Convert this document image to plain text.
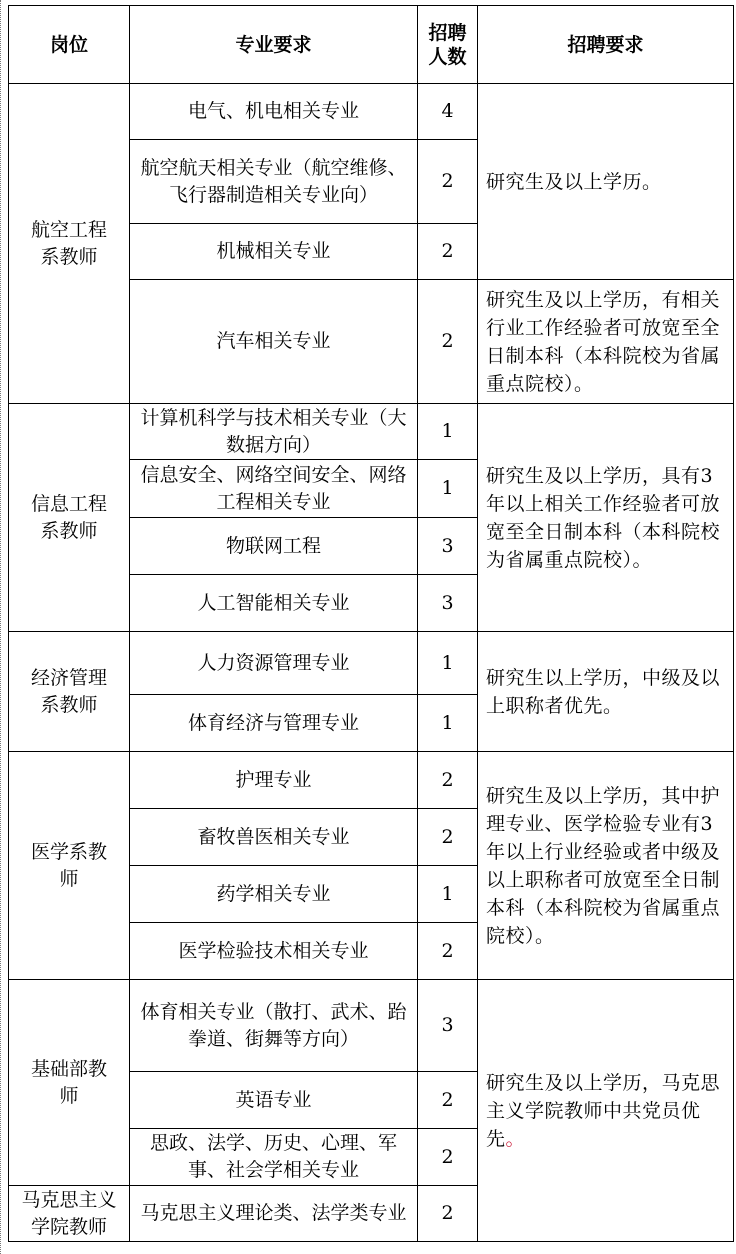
岗位	专业要求	招聘人数	招聘要求
航空工程系教师	电气、机电相关专业	4	研究生及以上学历。
	航空航天相关专业（航空维修、飞行器制造相关专业向）	2	
	机械相关专业	2	
	汽车相关专业	2	研究生及以上学历，有相关行业工作经验者可放宽至全日制本科（本科院校为省属重点院校）。
信息工程系教师	计算机科学与技术相关专业（大数据方向）	1	研究生及以上学历，具有3年以上相关工作经验者可放宽至全日制本科（本科院校为省属重点院校）。
	信息安全、网络空间安全、网络工程相关专业	1	
	物联网工程	3	
	人工智能相关专业	3	
经济管理系教师	人力资源管理专业	1	研究生以上学历，中级及以上职称者优先。
	体育经济与管理专业	1	
医学系教师	护理专业	2	研究生及以上学历，其中护理专业、医学检验专业有3年以上行业经验或者中级及以上职称者可放宽至全日制本科（本科院校为省属重点院校）。
	畜牧兽医相关专业	2	
	药学相关专业	1	
	医学检验技术相关专业	2	
基础部教师	体育相关专业（散打、武术、跆拳道、街舞等方向）	3	研究生及以上学历，马克思主义学院教师中共党员优先。
	英语专业	2	
	思政、法学、历史、心理、军事、社会学相关专业	2	
马克思主义学院教师	马克思主义理论类、法学类专业	2	
